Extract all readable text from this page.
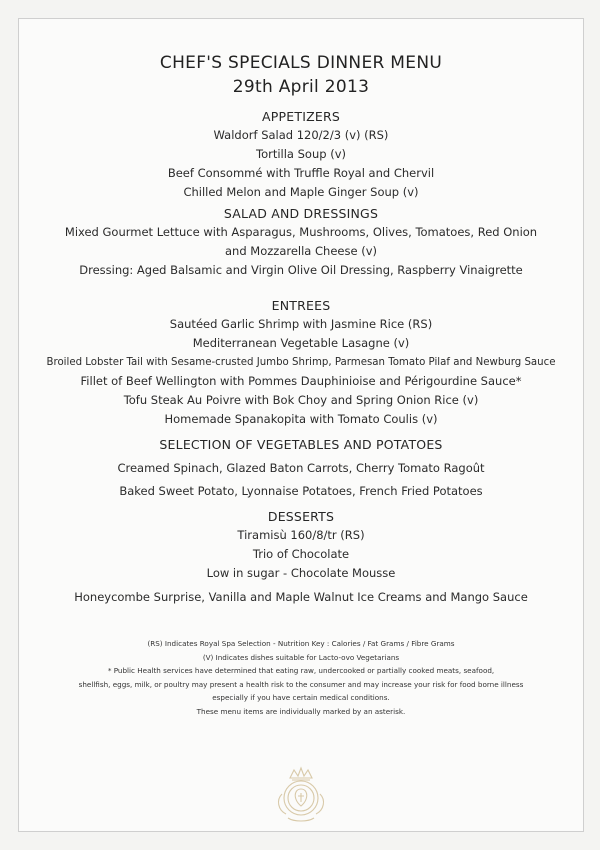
CHEF'S SPECIALS DINNER MENU
29th April 2013
APPETIZERS
Waldorf Salad 120/2/3 (v) (RS)
Tortilla Soup (v)
Beef Consommé with Truffle Royal and Chervil
Chilled Melon and Maple Ginger Soup (v)
SALAD AND DRESSINGS
Mixed Gourmet Lettuce with Asparagus, Mushrooms, Olives, Tomatoes, Red Onion
and Mozzarella Cheese (v)
Dressing: Aged Balsamic and Virgin Olive Oil Dressing, Raspberry Vinaigrette
ENTREES
Sautéed Garlic Shrimp with Jasmine Rice (RS)
Mediterranean Vegetable Lasagne (v)
Broiled Lobster Tail with Sesame-crusted Jumbo Shrimp, Parmesan Tomato Pilaf and Newburg Sauce
Fillet of Beef Wellington with Pommes Dauphinioise and Périgourdine Sauce*
Tofu Steak Au Poivre with Bok Choy and Spring Onion Rice (v)
Homemade Spanakopita with Tomato Coulis (v)
SELECTION OF VEGETABLES AND POTATOES
Creamed Spinach, Glazed Baton Carrots, Cherry Tomato Ragoût
Baked Sweet Potato, Lyonnaise Potatoes, French Fried Potatoes
DESSERTS
Tiramisù 160/8/tr (RS)
Trio of Chocolate
Low in sugar - Chocolate Mousse
Honeycombe Surprise, Vanilla and Maple Walnut Ice Creams and Mango Sauce
(RS) Indicates Royal Spa Selection - Nutrition Key : Calories / Fat Grams / Fibre Grams
(V) Indicates dishes suitable for Lacto-ovo Vegetarians
* Public Health services have determined that eating raw, undercooked or partially cooked meats, seafood,
shellfish, eggs, milk, or poultry may present a health risk to the consumer and may increase your risk for food borne illness
especially if you have certain medical conditions.
These menu items are individually marked by an asterisk.
